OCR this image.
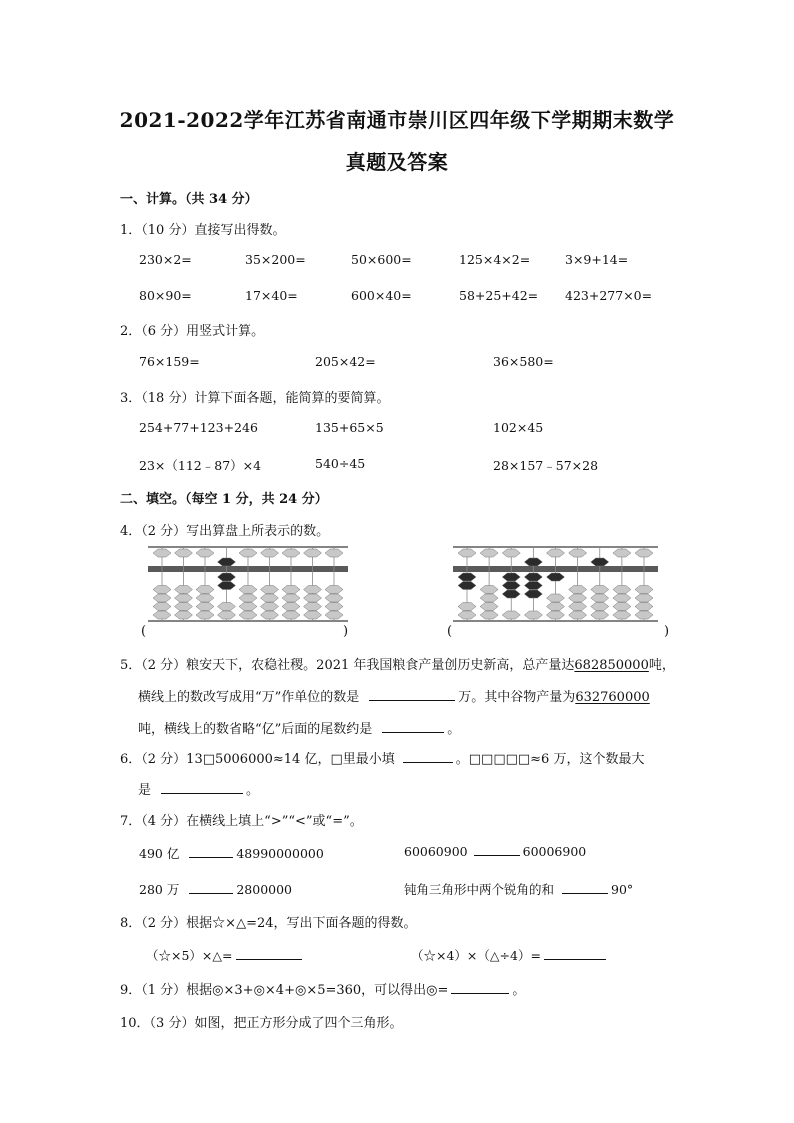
2021-2022学年江苏省南通市崇川区四年级下学期期末数学
真题及答案
一、计算。（共 34 分）
1．（10 分）直接写出得数。
230×2=	35×200=	50×600=	125×4×2=	3×9+14=
80×90=	17×40=	600×40=	58+25+42= 423+277×0=
2．（6 分）用竖式计算。
76×159=	205×42=	36×580=
3．（18 分）计算下面各题，能简算的要简算。
254+77+123+246	135+65×5	102×45
23×（112﹣87）×4	540÷45	28×157﹣57×28
二、填空。（每空 1 分，共 24 分）
4．（2 分）写出算盘上所表示的数。
(	)	(	)
5．（2 分）粮安天下，农稳社稷。2021 年我国粮食产量创历史新高，总产量达682850000吨，
横线上的数改写成用“万”作单位的数是	万。其中谷物产量为632760000
吨，横线上的数省略“亿”后面的尾数约是	。
6．（2 分）13□5006000≈14 亿，□里最小填	。□□□□□≈6 万，这个数最大
是	。
7．（4 分）在横线上填上“>”“<”或“=”。
490 亿	48990000000	60060900	60006900
280 万	2800000	钝角三角形中两个锐角的和	90°
8．（2 分）根据☆×△=24，写出下面各题的得数。
（☆×5）×△=	（☆×4）×（△÷4）=
9．（1 分）根据◎×3+◎×4+◎×5=360，可以得出◎=	。
10．（3 分）如图，把正方形分成了四个三角形。
